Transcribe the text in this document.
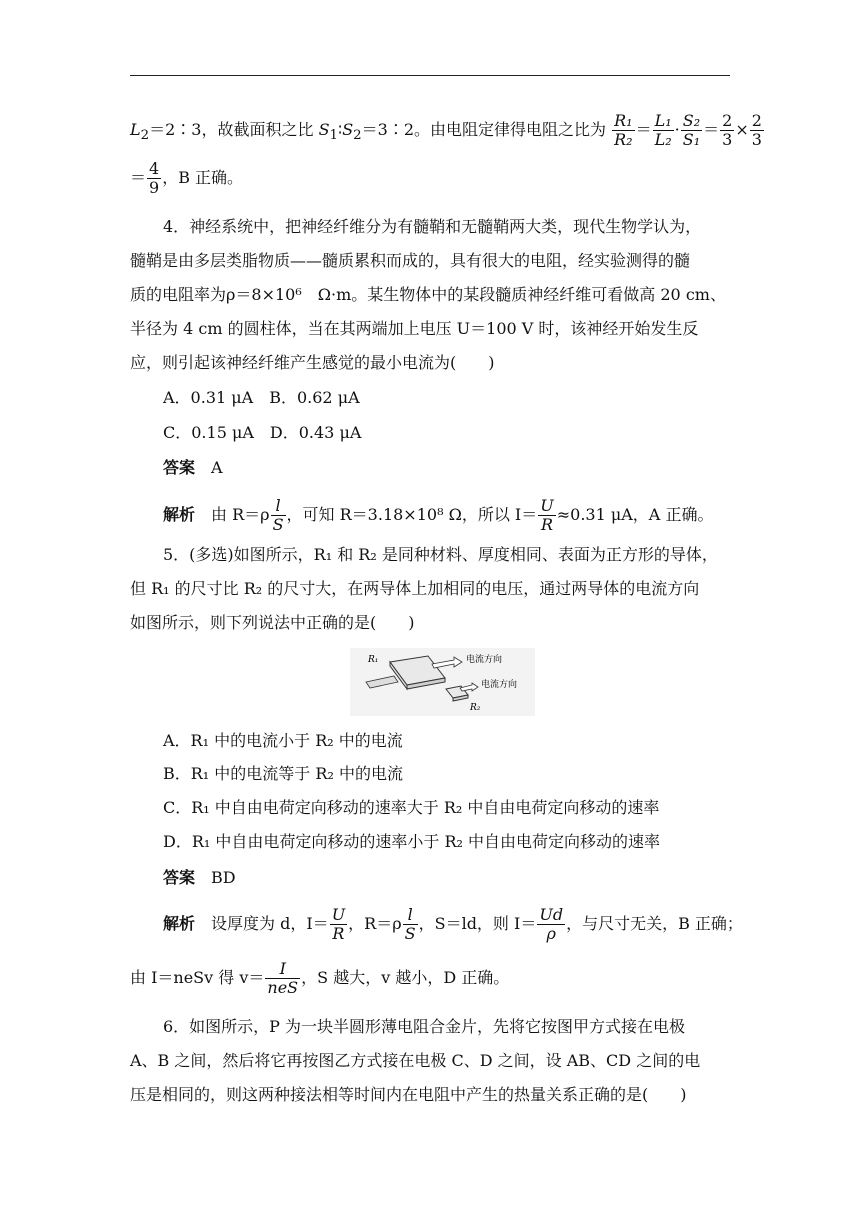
$L_2=2∶3$，故截面积之比 $S_1∶S_2=3∶2$。由电阻定律得电阻之比为 $\frac{\text{R₁}}{\text{R₂}} = \frac{\text{L₁}}{\text{L₂}} \cdot \frac{\text{S₂}}{\text{S₁}} = \frac{2}{3} \times \frac{2}{3}$
＝ $\frac{4}{9}$ ，B 正确。
4．神经系统中，把神经纤维分为有髓鞘和无髓鞘两大类，现代生物学认为，
髓鞘是由多层类脂物质——髓质累积而成的，具有很大的电阻，经实验测得的髓
质的电阻率为ρ＝8×10⁶　Ω·m。某生物体中的某段髓质神经纤维可看做高 20 cm、
半径为 4 cm 的圆柱体，当在其两端加上电压 U＝100 V 时，该神经开始发生反
应，则引起该神经纤维产生感觉的最小电流为(　　)
A．0.31 μA　B．0.62 μA
C．0.15 μA　D．0.43 μA
答案　 A
解析　 由 $R=\rho \frac{l}{S}$ ，可知 R＝3.18×10⁸ Ω，所以 $I= \frac{U}{R} \approx 0.31$ μA，A 正确。
5．(多选)如图所示，R₁ 和 R₂ 是同种材料、厚度相同、表面为正方形的导体，
但 R₁ 的尺寸比 R₂ 的尺寸大，在两导体上加相同的电压，通过两导体的电流方向
如图所示，则下列说法中正确的是(　　)
R₁	电流方向
电流方向
R₂
A．R₁ 中的电流小于 R₂ 中的电流
B．R₁ 中的电流等于 R₂ 中的电流
C．R₁ 中自由电荷定向移动的速率大于 R₂ 中自由电荷定向移动的速率
D．R₁ 中自由电荷定向移动的速率小于 R₂ 中自由电荷定向移动的速率
答案　 BD
解析　 设厚度为 d，$I= \frac{U}{R}$ ，$R=\rho \frac{l}{S}$ ，S＝ld，则 $I= \frac{Ud}{\rho}$ ，与尺寸无关，B 正确；
由 I＝neSv 得 $v= \frac{I}{\text{neS}}$ ，S 越大，v 越小，D 正确。
6．如图所示，P 为一块半圆形薄电阻合金片，先将它按图甲方式接在电极
A、B 之间，然后将它再按图乙方式接在电极 C、D 之间，设 AB、CD 之间的电
压是相同的，则这两种接法相等时间内在电阻中产生的热量关系正确的是(　　)
